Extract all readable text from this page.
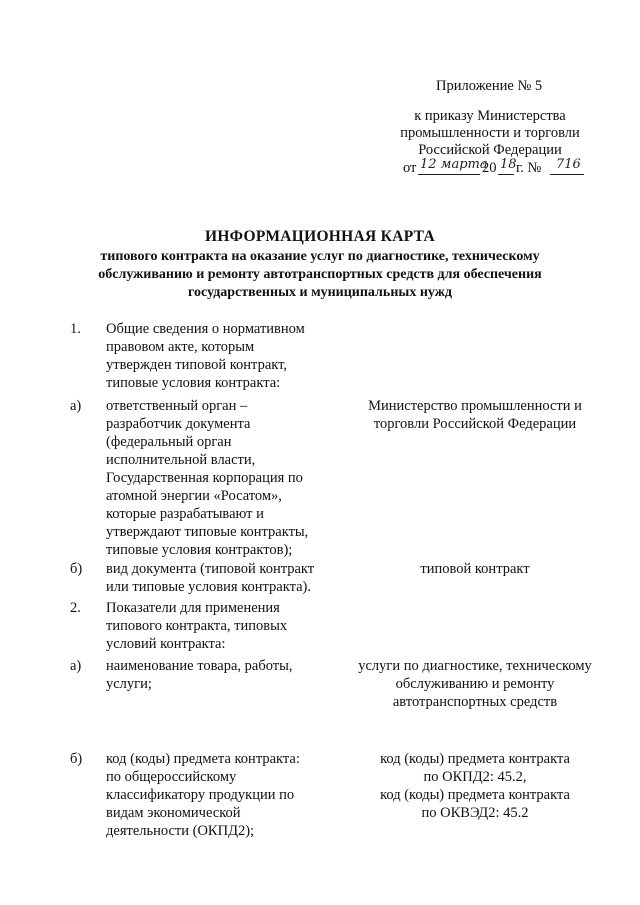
Приложение № 5
к приказу Министерства
промышленности и торговли
Российской Федерации
от 12 марта
20 18 г. № 716
ИНФОРМАЦИОННАЯ КАРТА
типового контракта на оказание услуг по диагностике, техническому
обслуживанию и ремонту автотранспортных средств для обеспечения
государственных и муниципальных нужд
1. Общие сведения о нормативном
правовом акте, которым
утвержден типовой контракт,
типовые условия контракта:
а) ответственный орган –
разработчик документа
(федеральный орган
исполнительной власти,
Государственная корпорация по
атомной энергии «Росатом»,
которые разрабатывают и
утверждают типовые контракты,
типовые условия контрактов);
Министерство промышленности и
торговли Российской Федерации
б) вид документа (типовой контракт
или типовые условия контракта).
типовой контракт
2. Показатели для применения
типового контракта, типовых
условий контракта:
а) наименование товара, работы,
услуги;
услуги по диагностике, техническому
обслуживанию и ремонту
автотранспортных средств
б) код (коды) предмета контракта:
по общероссийскому
классификатору продукции по
видам экономической
деятельности (ОКПД2);
код (коды) предмета контракта
по ОКПД2: 45.2,
код (коды) предмета контракта
по ОКВЭД2: 45.2
